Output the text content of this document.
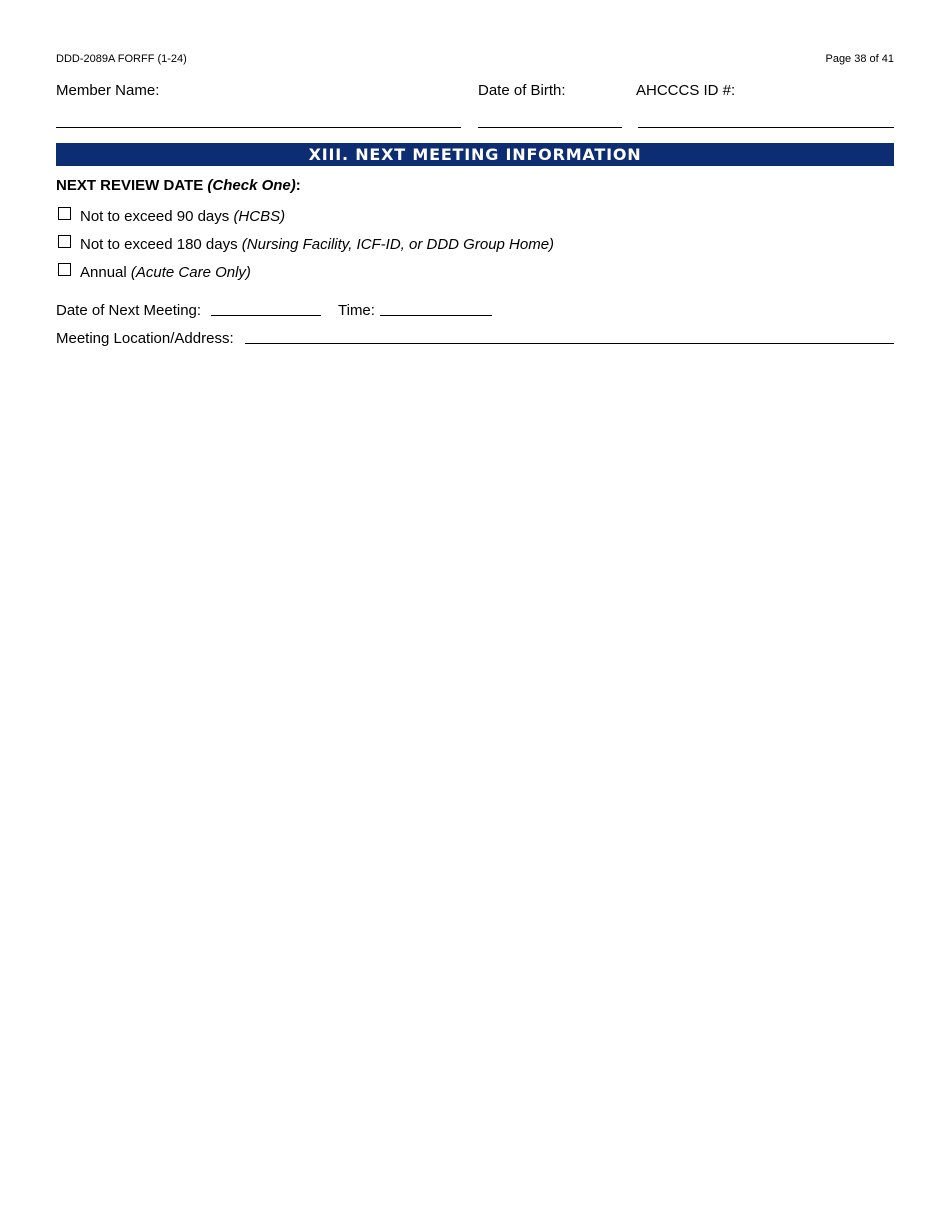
DDD-2089A FORFF (1-24)	Page 38 of 41
Member Name:	Date of Birth:	AHCCCS ID #:
XIII. NEXT MEETING INFORMATION
NEXT REVIEW DATE (Check One):
Not to exceed 90 days (HCBS)
Not to exceed 180 days (Nursing Facility, ICF-ID, or DDD Group Home)
Annual (Acute Care Only)
Date of Next Meeting:	Time:
Meeting Location/Address:
